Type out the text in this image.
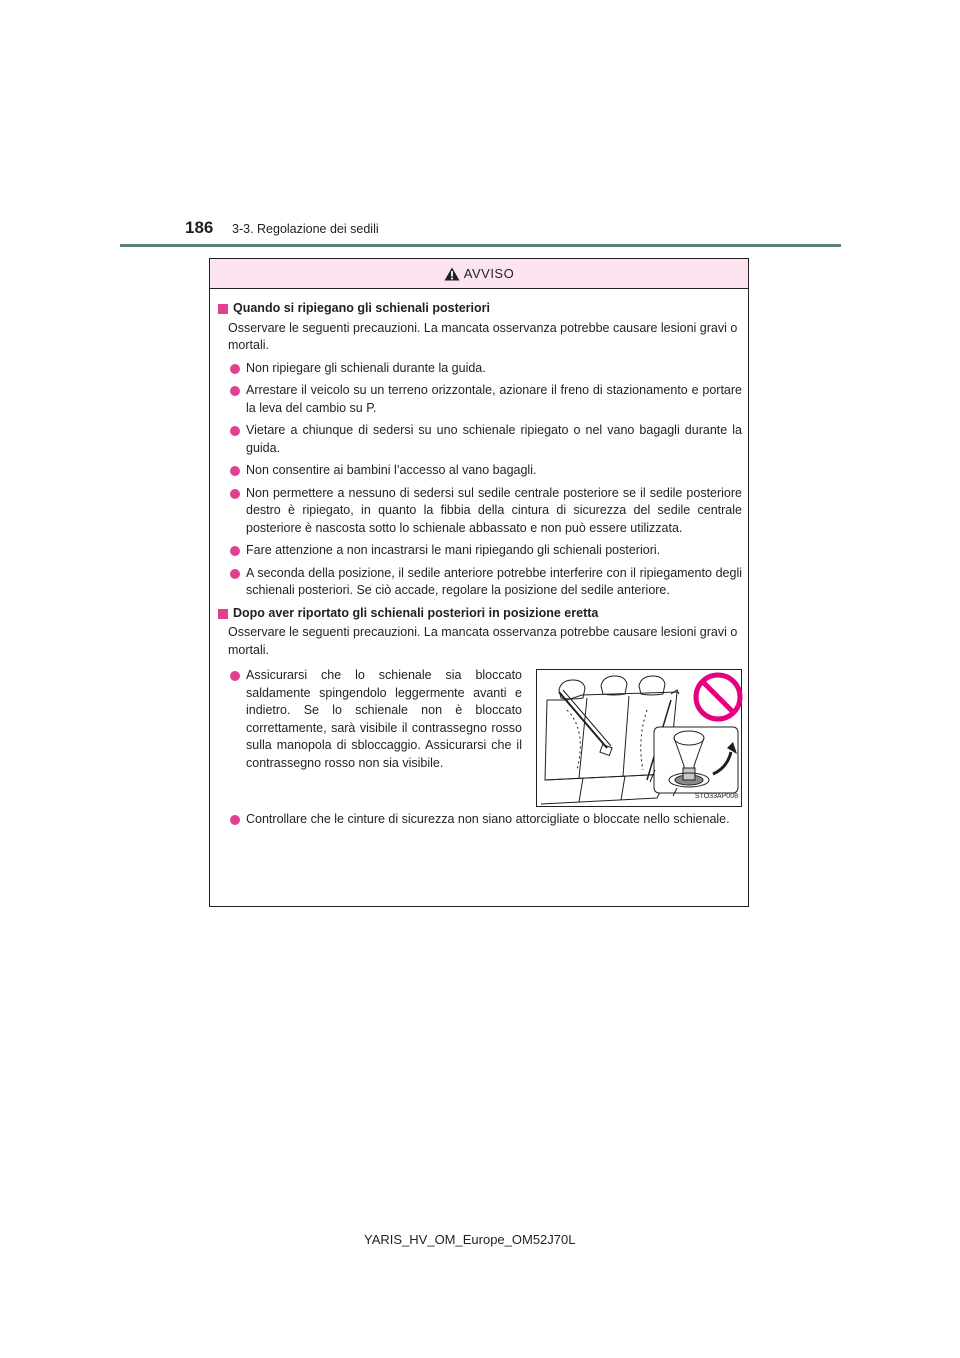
186 3-3. Regolazione dei sedili
AVVISO
Quando si ripiegano gli schienali posteriori
Osservare le seguenti precauzioni. La mancata osservanza potrebbe causare lesioni gravi o mortali.
Non ripiegare gli schienali durante la guida.
Arrestare il veicolo su un terreno orizzontale, azionare il freno di stazionamento e portare la leva del cambio su P.
Vietare a chiunque di sedersi su uno schienale ripiegato o nel vano bagagli durante la guida.
Non consentire ai bambini l’accesso al vano bagagli.
Non permettere a nessuno di sedersi sul sedile centrale posteriore se il sedile posteriore destro è ripiegato, in quanto la fibbia della cintura di sicurezza del sedile centrale posteriore è nascosta sotto lo schienale abbassato e non può essere utilizzata.
Fare attenzione a non incastrarsi le mani ripiegando gli schienali posteriori.
A seconda della posizione, il sedile anteriore potrebbe interferire con il ripiegamento degli schienali posteriori. Se ciò accade, regolare la posizione del sedile anteriore.
Dopo aver riportato gli schienali posteriori in posizione eretta
Osservare le seguenti precauzioni. La mancata osservanza potrebbe causare lesioni gravi o mortali.
Assicurarsi che lo schienale sia bloccato saldamente spingendolo leggermente avanti e indietro. Se lo schienale non è bloccato correttamente, sarà visibile il contrassegno rosso sulla manopola di sbloccaggio. Assicurarsi che il contrassegno rosso non sia visibile.
STO33AP008
Controllare che le cinture di sicurezza non siano attorcigliate o bloccate nello schienale.
YARIS_HV_OM_Europe_OM52J70L
